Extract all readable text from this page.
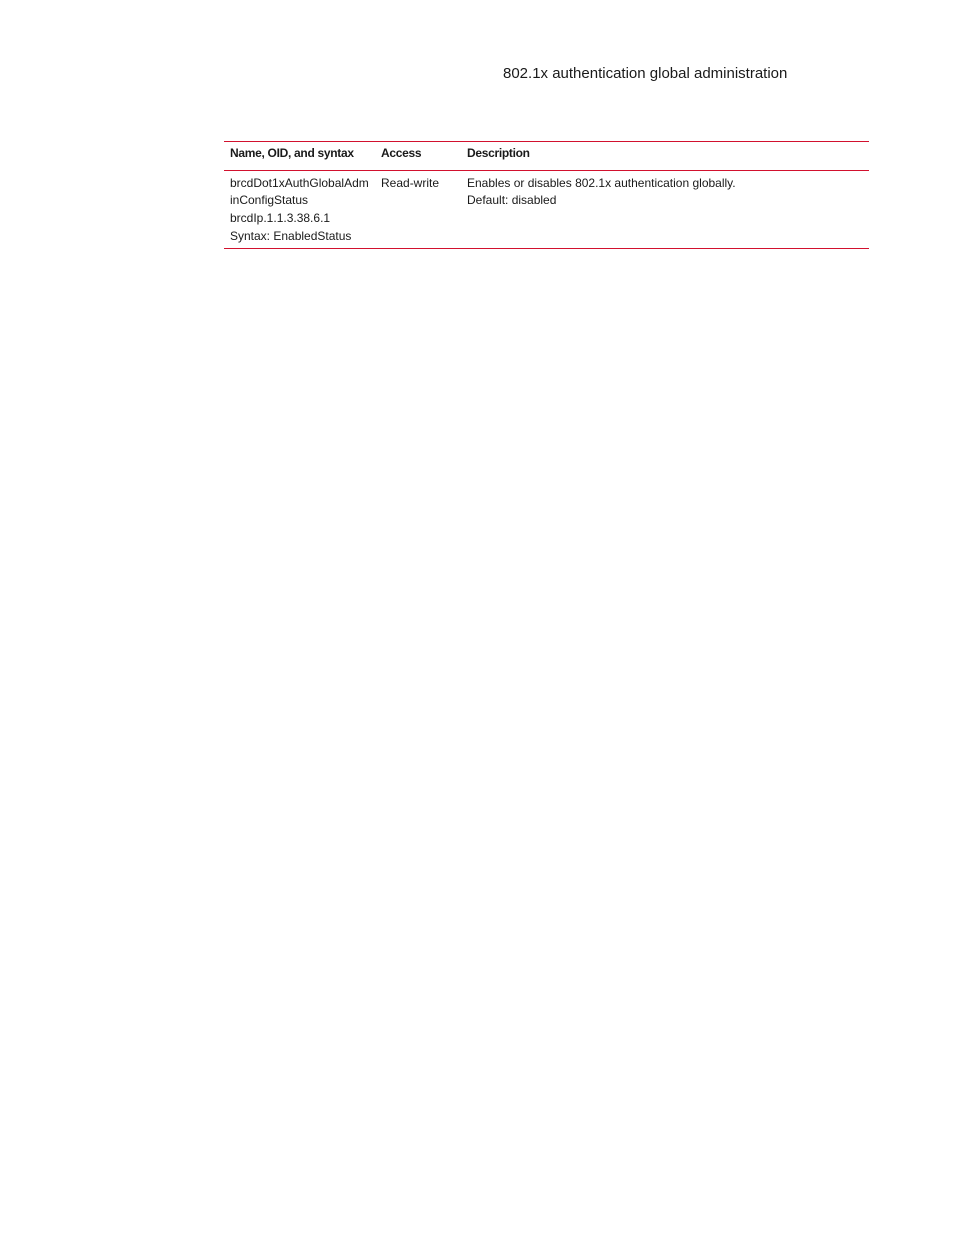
802.1x authentication global administration
Name, OID, and syntax	Access	Description

brcdDot1xAuthGlobalAdm
inConfigStatus
brcdIp.1.1.3.38.6.1
Syntax: EnabledStatus	Read-write	Enables or disables 802.1x authentication globally.
Default: disabled
